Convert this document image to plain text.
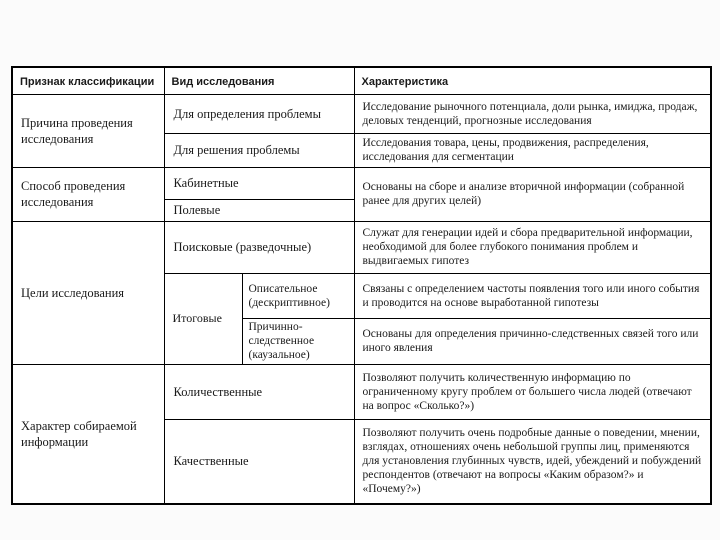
Признак классификации	Вид исследования		Характеристика
Причина проведения исследования	Для определения проблемы		Исследование рыночного потенциала, доли рынка, имиджа, продаж, деловых тенденций, прогнозные исследования
	Для решения проблемы		Исследования товара, цены, продвижения, распределения, исследования для сегментации
Способ проведения исследования	Кабинетные		Основаны на сборе и анализе вторичной информации (собранной ранее для других целей)
	Полевые		
Цели исследования	Поисковые (разведочные)		Служат для генерации идей и сбора предварительной информации, необходимой для более глубокого понимания проблем и выдвигаемых гипотез
	Итоговые	Описательное (дескриптивное)	Связаны с определением частоты появления того или иного события и проводится на основе выработанной гипотезы
		Причинно-следственное (каузальное)	Основаны для определения причинно-следственных связей того или иного явления
Характер собираемой информации	Количественные		Позволяют получить количественную информацию по ограниченному кругу проблем от большего числа людей (отвечают на вопрос «Сколько?»)
	Качественные		Позволяют получить очень подробные данные о поведении, мнении, взглядах, отношениях очень небольшой группы лиц, применяются для установления глубинных чувств, идей, убеждений и побуждений респондентов (отвечают на вопросы «Каким образом?» и «Почему?»)
